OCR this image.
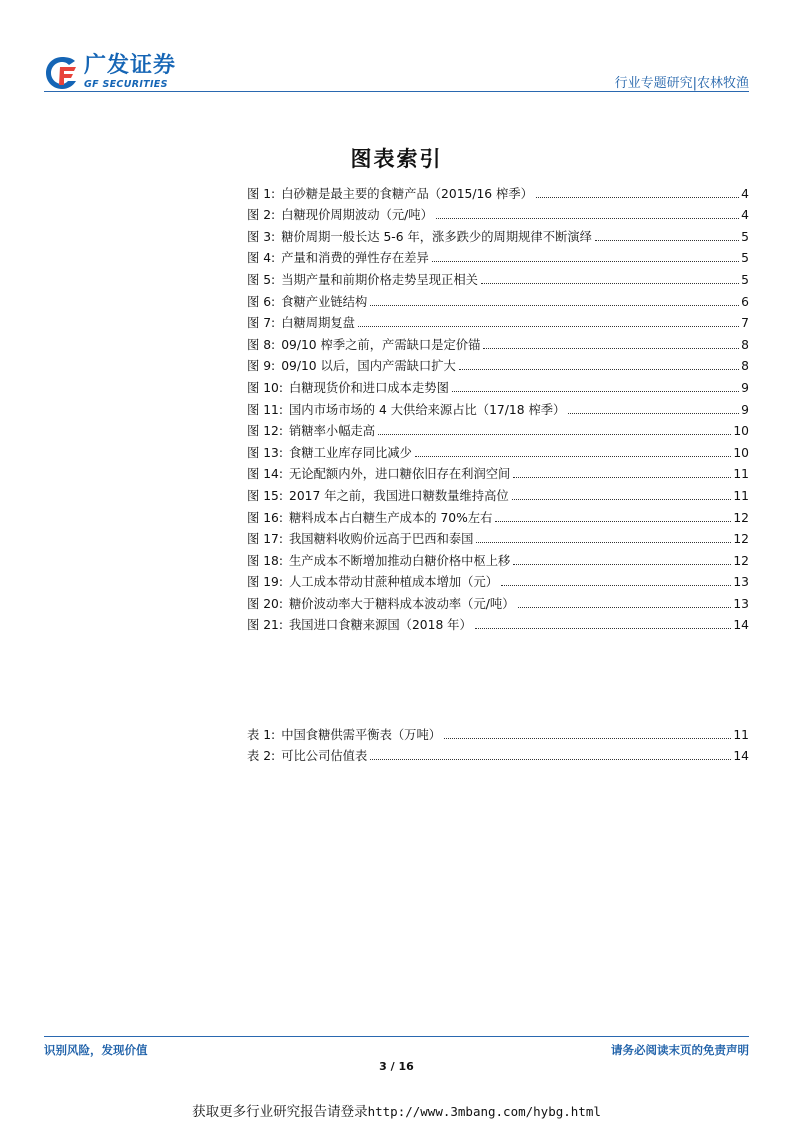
广发证券
GF SECURITIES	行业专题研究|农林牧渔
图表索引
图 1:
白砂糖是最主要的食糖产品（2015/16 榨季）	4
图 2:
白糖现价周期波动（元/吨）	4
图 3:
糖价周期一般长达 5-6 年，涨多跌少的周期规律不断演绎	5
图 4:
产量和消费的弹性存在差异	5
图 5:
当期产量和前期价格走势呈现正相关	5
图 6:
食糖产业链结构	6
图 7:
白糖周期复盘	7
图 8:
09/10 榨季之前，产需缺口是定价锚	8
图 9:
09/10 以后，国内产需缺口扩大	8
图 10:
白糖现货价和进口成本走势图	9
图 11:
国内市场市场的 4 大供给来源占比（17/18 榨季）	9
图 12:
销糖率小幅走高	10
图 13:
食糖工业库存同比减少	10
图 14:
无论配额内外，进口糖依旧存在利润空间	11
图 15:
2017 年之前，我国进口糖数量维持高位	11
图 16:
糖料成本占白糖生产成本的 70%左右	12
图 17:
我国糖料收购价远高于巴西和泰国	12
图 18:
生产成本不断增加推动白糖价格中枢上移	12
图 19:
人工成本带动甘蔗种植成本增加（元）	13
图 20:
糖价波动率大于糖料成本波动率（元/吨）	13
图 21:
我国进口食糖来源国（2018 年）	14
表 1:
中国食糖供需平衡表（万吨）	11
表 2:
可比公司估值表	14
识别风险，发现价值	请务必阅读末页的免责声明
3 / 16
获取更多行业研究报告请登录http://www.3mbang.com/hybg.html
